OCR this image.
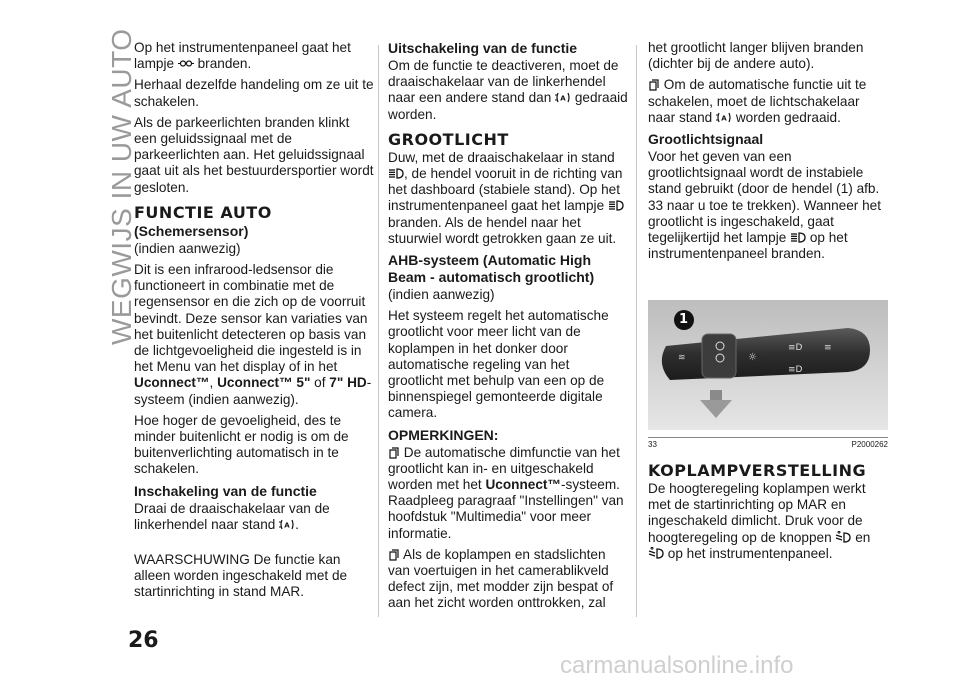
WEGWIJS IN UW AUTO

Op het instrumentenpaneel gaat het lampje branden.

Herhaal dezelfde handeling om ze uit te schakelen.

Als de parkeerlichten branden klinkt een geluidssignaal met de parkeerlichten aan. Het geluidssignaal gaat uit als het bestuurdersportier wordt gesloten.

FUNCTIE AUTO
(Schemersensor)

(indien aanwezig)

Dit is een infrarood-ledsensor die functioneert in combinatie met de regensensor en die zich op de voorruit bevindt. Deze sensor kan variaties van het buitenlicht detecteren op basis van de lichtgevoeligheid die ingesteld is in het Menu van het display of in het Uconnect™, Uconnect™ 5" of 7" HD-systeem (indien aanwezig).

Hoe hoger de gevoeligheid, des te minder buitenlicht er nodig is om de buitenverlichting automatisch in te schakelen.

Inschakeling van de functie

Draai de draaischakelaar van de linkerhendel naar stand .

WAARSCHUWING De functie kan alleen worden ingeschakeld met de startinrichting in stand MAR.

Uitschakeling van de functie

Om de functie te deactiveren, moet de draaischakelaar van de linkerhendel naar een andere stand dan gedraaid worden.

GROOTLICHT

Duw, met de draaischakelaar in stand , de hendel vooruit in de richting van het dashboard (stabiele stand). Op het instrumentenpaneel gaat het lampje  branden. Als de hendel naar het stuurwiel wordt getrokken gaan ze uit.

AHB-systeem (Automatic High Beam - automatisch grootlicht)

(indien aanwezig)

Het systeem regelt het automatische grootlicht voor meer licht van de koplampen in het donker door automatische regeling van het grootlicht met behulp van een op de binnenspiegel gemonteerde digitale camera.

OPMERKINGEN:

De automatische dimfunctie van het grootlicht kan in- en uitgeschakeld worden met het Uconnect™-systeem. Raadpleeg paragraaf "Instellingen" van hoofdstuk "Multimedia" voor meer informatie.

Als de koplampen en stadslichten van voertuigen in het camerablikveld defect zijn, met modder zijn bespat of aan het zicht worden onttrokken, zal

het grootlicht langer blijven branden (dichter bij de andere auto).

Om de automatische functie uit te schakelen, moet de lichtschakelaar naar stand worden gedraaid.

Grootlichtsignaal

Voor het geven van een grootlichtsignaal wordt de instabiele stand gebruikt (door de hendel (1) afb. 33 naar u toe te trekken). Wanneer het grootlicht is ingeschakeld, gaat tegelijkertijd het lampje op het instrumentenpaneel branden.

≋	☼
≡D
≡D
≡
1
33	P2000262
KOPLAMPVERSTELLING

De hoogteregeling koplampen werkt met de startinrichting op MAR en ingeschakeld dimlicht. Druk voor de hoogteregeling op de knoppen en  op het instrumentenpaneel.

26
carmanualsonline.info
